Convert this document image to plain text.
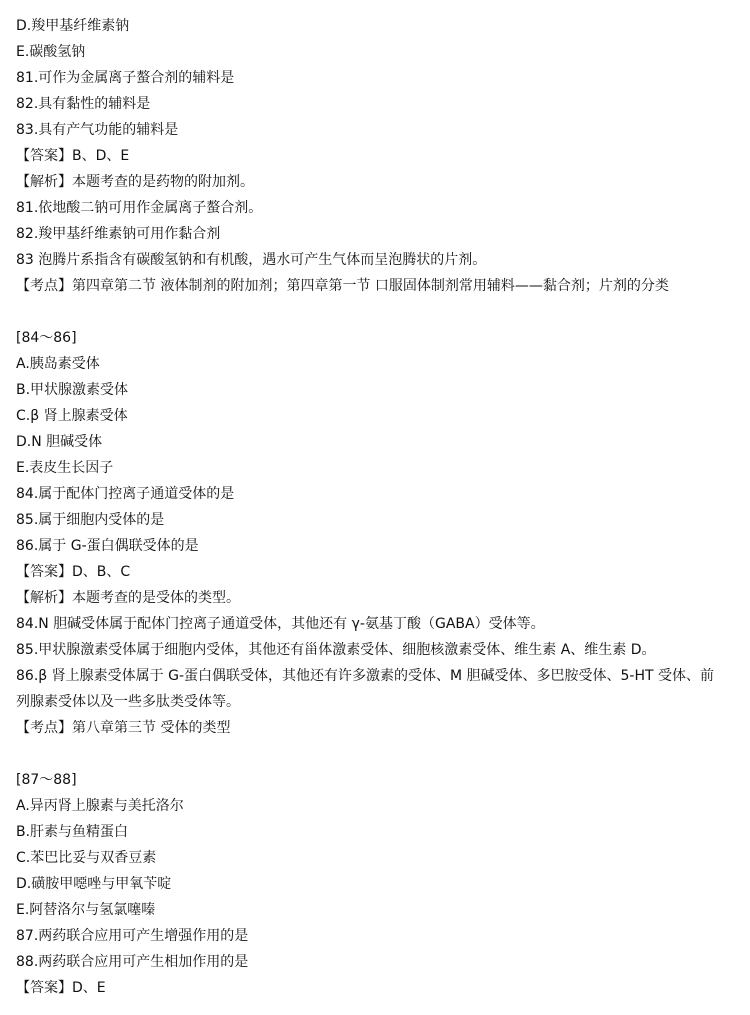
D.羧甲基纤维素钠
E.碳酸氢钠
81.可作为金属离子螯合剂的辅料是
82.具有黏性的辅料是
83.具有产气功能的辅料是
【答案】B、D、E
【解析】本题考查的是药物的附加剂。
81.依地酸二钠可用作金属离子螯合剂。
82.羧甲基纤维素钠可用作黏合剂
83 泡腾片系指含有碳酸氢钠和有机酸，遇水可产生气体而呈泡腾状的片剂。
【考点】第四章第二节 液体制剂的附加剂；第四章第一节 口服固体制剂常用辅料——黏合剂；片剂的分类
[84～86]
A.胰岛素受体
B.甲状腺激素受体
C.β 肾上腺素受体
D.N 胆碱受体
E.表皮生长因子
84.属于配体门控离子通道受体的是
85.属于细胞内受体的是
86.属于 G-蛋白偶联受体的是
【答案】D、B、C
【解析】本题考查的是受体的类型。
84.N 胆碱受体属于配体门控离子通道受体，其他还有 γ-氨基丁酸（GABA）受体等。
85.甲状腺激素受体属于细胞内受体，其他还有甾体激素受体、细胞核激素受体、维生素 A、维生素 D。
86.β 肾上腺素受体属于 G-蛋白偶联受体，其他还有许多激素的受体、M 胆碱受体、多巴胺受体、5-HT 受体、前
列腺素受体以及一些多肽类受体等。
【考点】第八章第三节 受体的类型
[87～88]
A.异丙肾上腺素与美托洛尔
B.肝素与鱼精蛋白
C.苯巴比妥与双香豆素
D.磺胺甲噁唑与甲氧苄啶
E.阿替洛尔与氢氯噻嗪
87.两药联合应用可产生增强作用的是
88.两药联合应用可产生相加作用的是
【答案】D、E
